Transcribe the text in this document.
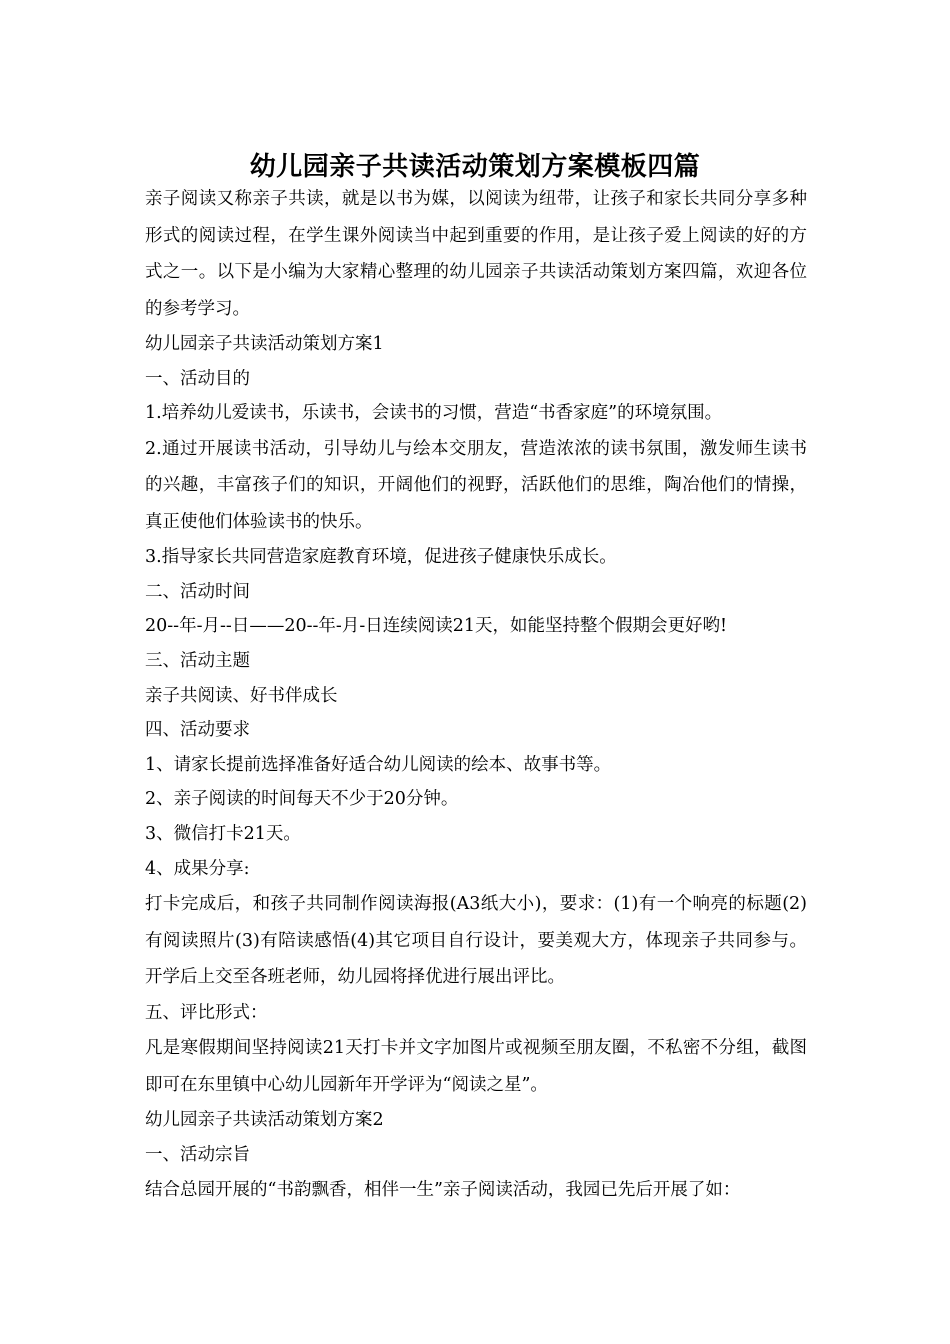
幼儿园亲子共读活动策划方案模板四篇

亲子阅读又称亲子共读，就是以书为媒，以阅读为纽带，让孩子和家长共同分享多种形式的阅读过程，在学生课外阅读当中起到重要的作用，是让孩子爱上阅读的好的方式之一。以下是小编为大家精心整理的幼儿园亲子共读活动策划方案四篇，欢迎各位的参考学习。

幼儿园亲子共读活动策划方案1

一、活动目的

1.培养幼儿爱读书，乐读书，会读书的习惯，营造“书香家庭”的环境氛围。

2.通过开展读书活动，引导幼儿与绘本交朋友，营造浓浓的读书氛围，激发师生读书的兴趣，丰富孩子们的知识，开阔他们的视野，活跃他们的思维，陶冶他们的情操，真正使他们体验读书的快乐。

3.指导家长共同营造家庭教育环境，促进孩子健康快乐成长。

二、活动时间

20--年-月--日——20--年-月-日连续阅读21天，如能坚持整个假期会更好哟!

三、活动主题

亲子共阅读、好书伴成长

四、活动要求

1、请家长提前选择准备好适合幼儿阅读的绘本、故事书等。

2、亲子阅读的时间每天不少于20分钟。

3、微信打卡21天。

4、成果分享:

打卡完成后，和孩子共同制作阅读海报(A3纸大小)，要求：(1)有一个响亮的标题(2)有阅读照片(3)有陪读感悟(4)其它项目自行设计，要美观大方，体现亲子共同参与。开学后上交至各班老师，幼儿园将择优进行展出评比。

五、评比形式：

凡是寒假期间坚持阅读21天打卡并文字加图片或视频至朋友圈，不私密不分组，截图即可在东里镇中心幼儿园新年开学评为“阅读之星”。

幼儿园亲子共读活动策划方案2

一、活动宗旨

结合总园开展的“书韵飘香，相伴一生”亲子阅读活动，我园已先后开展了如：
